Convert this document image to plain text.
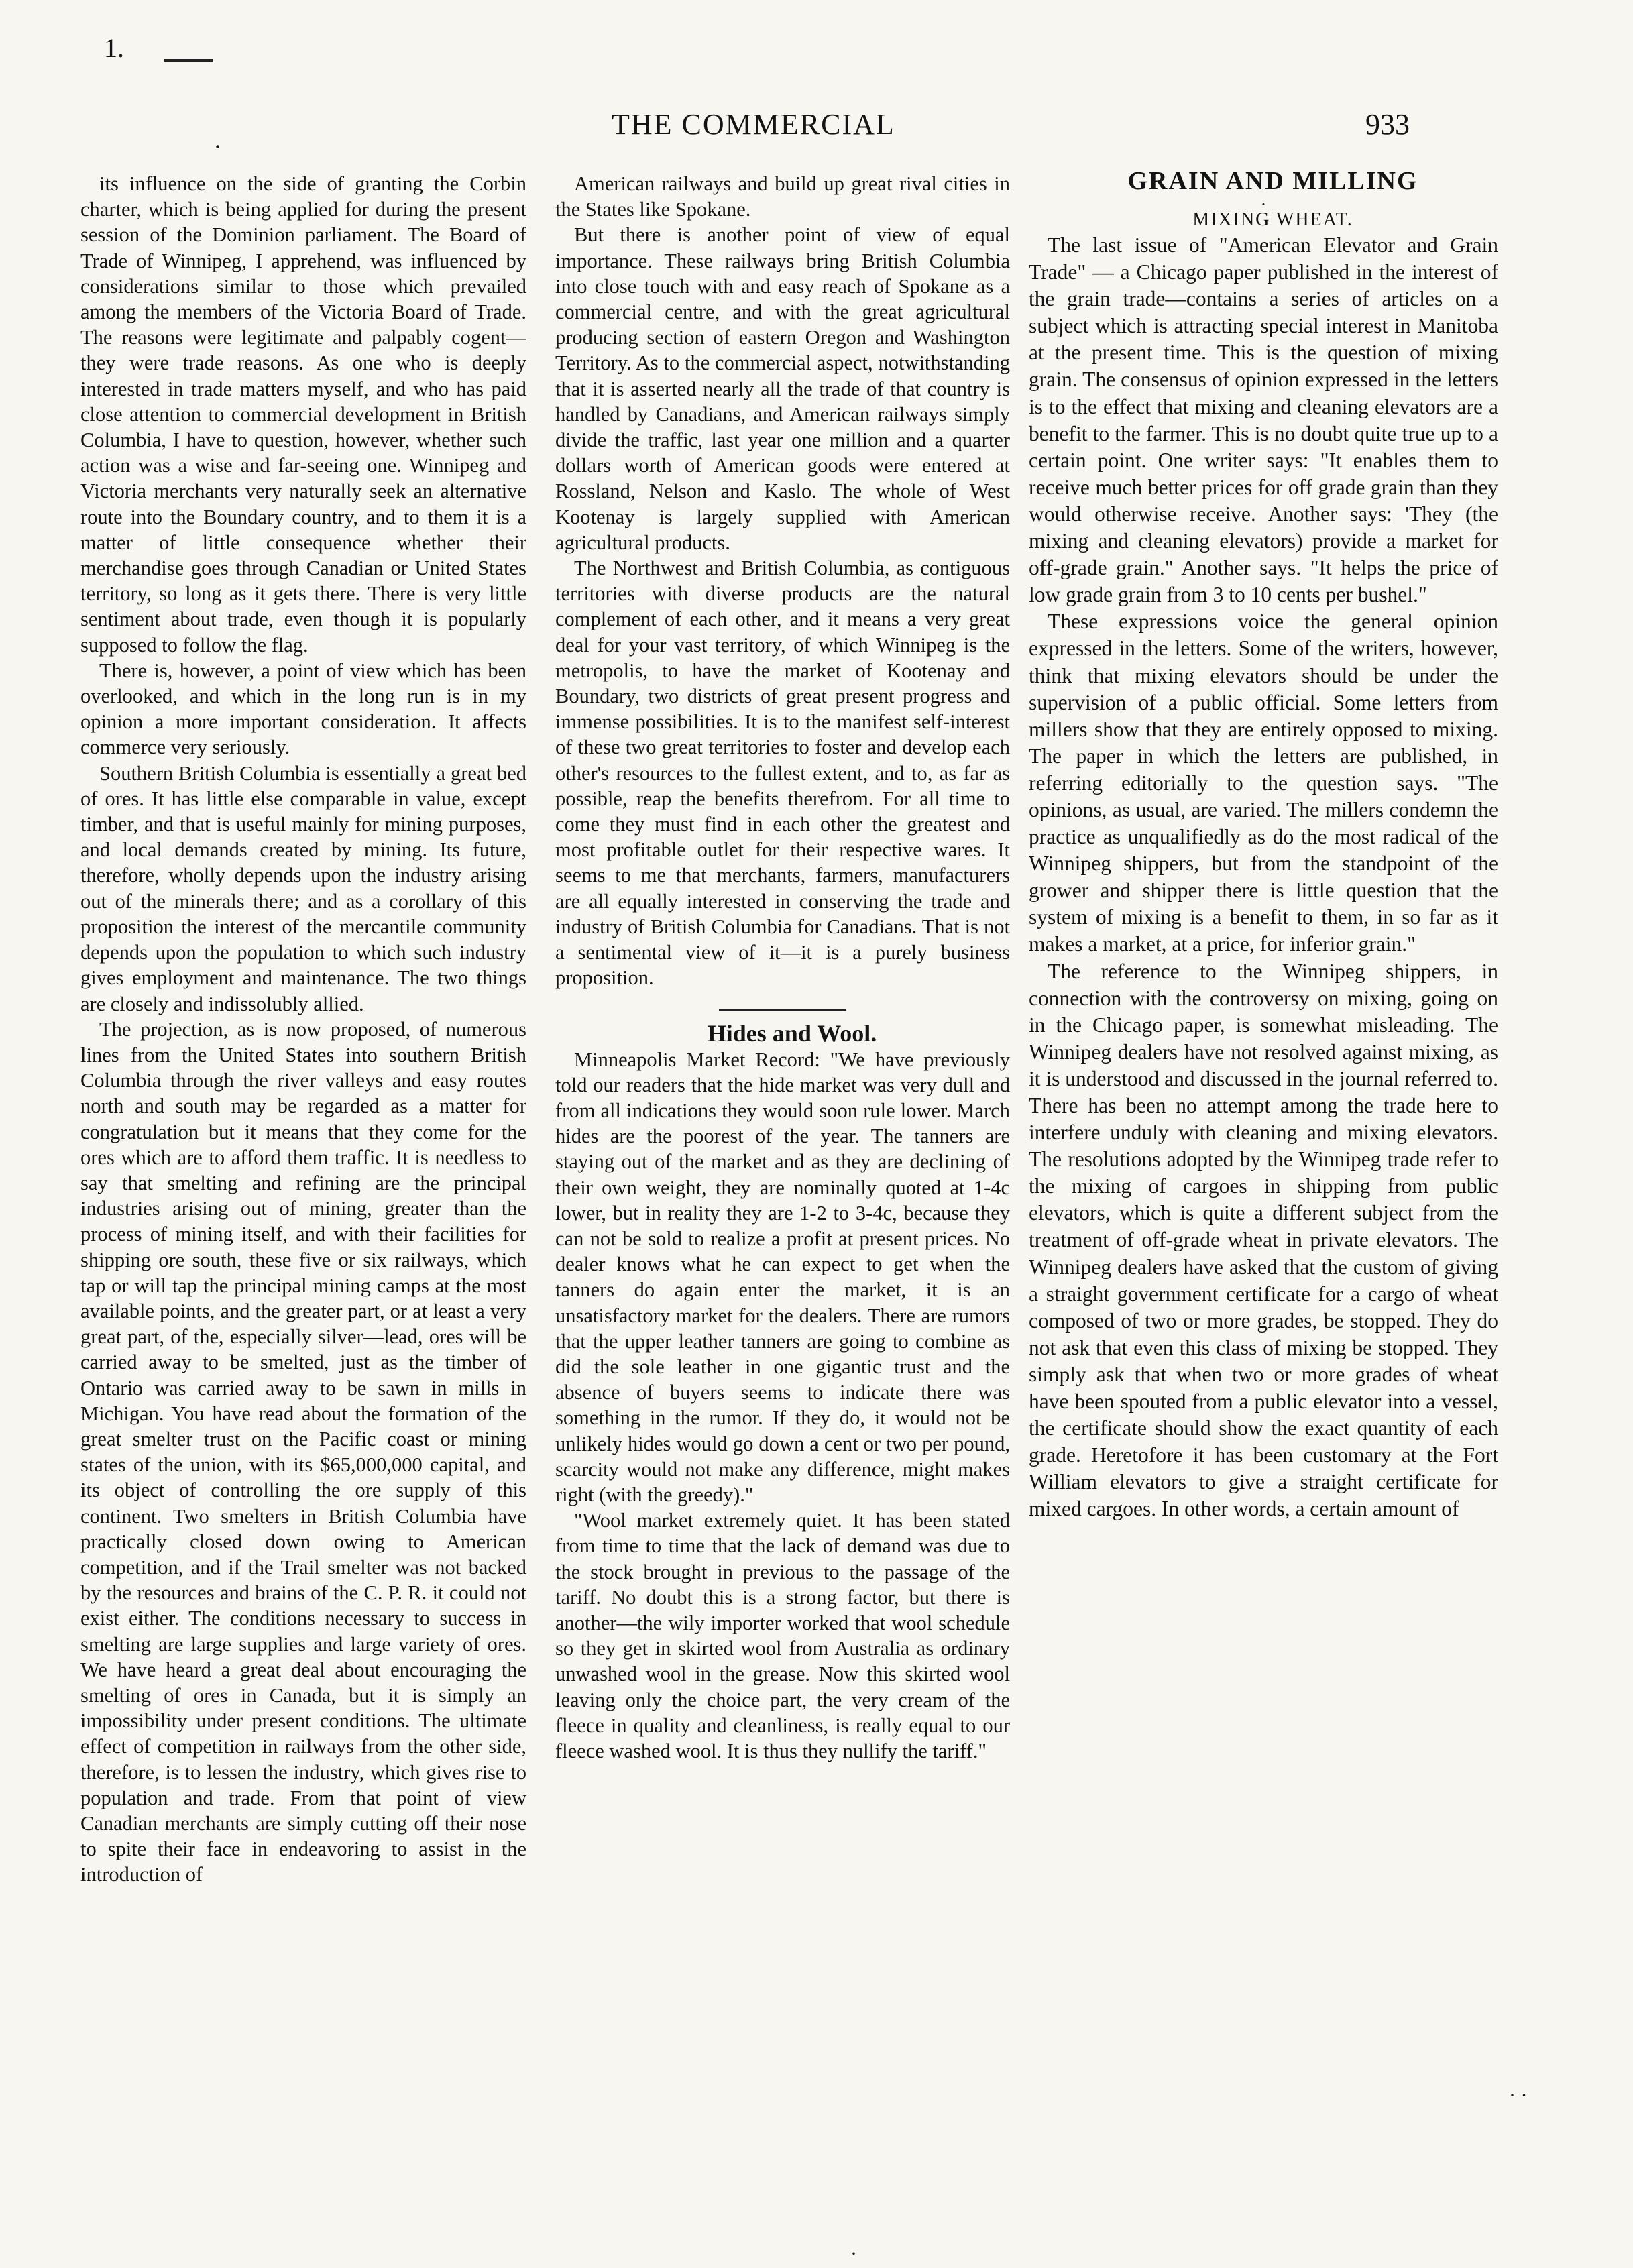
1.
·
THE COMMERCIAL	933

its influence on the side of granting the Corbin charter, which is being applied for during the present session of the Dominion parliament. The Board of Trade of Winnipeg, I apprehend, was influenced by considerations similar to those which prevailed among the members of the Victoria Board of Trade. The reasons were legitimate and palpably cogent—they were trade reasons. As one who is deeply interested in trade matters myself, and who has paid close attention to commercial development in British Columbia, I have to question, however, whether such action was a wise and far-seeing one. Winnipeg and Victoria merchants very naturally seek an alternative route into the Boundary country, and to them it is a matter of little consequence whether their merchandise goes through Canadian or United States territory, so long as it gets there. There is very little sentiment about trade, even though it is popularly supposed to follow the flag.

There is, however, a point of view which has been overlooked, and which in the long run is in my opinion a more important consideration. It affects commerce very seriously.

Southern British Columbia is essentially a great bed of ores. It has little else comparable in value, except timber, and that is useful mainly for mining purposes, and local demands created by mining. Its future, therefore, wholly depends upon the industry arising out of the minerals there; and as a corollary of this proposition the interest of the mercantile community depends upon the population to which such industry gives employment and maintenance. The two things are closely and indissolubly allied.

The projection, as is now proposed, of numerous lines from the United States into southern British Columbia through the river valleys and easy routes north and south may be regarded as a matter for congratulation but it means that they come for the ores which are to afford them traffic. It is needless to say that smelting and refining are the principal industries arising out of mining, greater than the process of mining itself, and with their facilities for shipping ore south, these five or six railways, which tap or will tap the principal mining camps at the most available points, and the greater part, or at least a very great part, of the, especially silver—lead, ores will be carried away to be smelted, just as the timber of Ontario was carried away to be sawn in mills in Michigan. You have read about the formation of the great smelter trust on the Pacific coast or mining states of the union, with its $65,000,000 capital, and its object of controlling the ore supply of this continent. Two smelters in British Columbia have practically closed down owing to American competition, and if the Trail smelter was not backed by the resources and brains of the C. P. R. it could not exist either. The conditions necessary to success in smelting are large supplies and large variety of ores. We have heard a great deal about encouraging the smelting of ores in Canada, but it is simply an impossibility under present conditions. The ultimate effect of competition in railways from the other side, therefore, is to lessen the industry, which gives rise to population and trade. From that point of view Canadian merchants are simply cutting off their nose to spite their face in endeavoring to assist in the introduction of

American railways and build up great rival cities in the States like Spokane.

But there is another point of view of equal importance. These railways bring British Columbia into close touch with and easy reach of Spokane as a commercial centre, and with the great agricultural producing section of eastern Oregon and Washington Territory. As to the commercial aspect, notwithstanding that it is asserted nearly all the trade of that country is handled by Canadians, and American railways simply divide the traffic, last year one million and a quarter dollars worth of American goods were entered at Rossland, Nelson and Kaslo. The whole of West Kootenay is largely supplied with American agricultural products.

The Northwest and British Columbia, as contiguous territories with diverse products are the natural complement of each other, and it means a very great deal for your vast territory, of which Winnipeg is the metropolis, to have the market of Kootenay and Boundary, two districts of great present progress and immense possibilities. It is to the manifest self-interest of these two great territories to foster and develop each other's resources to the fullest extent, and to, as far as possible, reap the benefits therefrom. For all time to come they must find in each other the greatest and most profitable outlet for their respective wares. It seems to me that merchants, farmers, manufacturers are all equally interested in conserving the trade and industry of British Columbia for Canadians. That is not a sentimental view of it—it is a purely business proposition.

Hides and Wool.

Minneapolis Market Record: "We have previously told our readers that the hide market was very dull and from all indications they would soon rule lower. March hides are the poorest of the year. The tanners are staying out of the market and as they are declining of their own weight, they are nominally quoted at 1-4c lower, but in reality they are 1-2 to 3-4c, because they can not be sold to realize a profit at present prices. No dealer knows what he can expect to get when the tanners do again enter the market, it is an unsatisfactory market for the dealers. There are rumors that the upper leather tanners are going to combine as did the sole leather in one gigantic trust and the absence of buyers seems to indicate there was something in the rumor. If they do, it would not be unlikely hides would go down a cent or two per pound, scarcity would not make any difference, might makes right (with the greedy)."

"Wool market extremely quiet. It has been stated from time to time that the lack of demand was due to the stock brought in previous to the passage of the tariff. No doubt this is a strong factor, but there is another—the wily importer worked that wool schedule so they get in skirted wool from Australia as ordinary unwashed wool in the grease. Now this skirted wool leaving only the choice part, the very cream of the fleece in quality and cleanliness, is really equal to our fleece washed wool. It is thus they nullify the tariff."

GRAIN AND MILLING

·

MIXING WHEAT.

The last issue of "American Elevator and Grain Trade" — a Chicago paper published in the interest of the grain trade—contains a series of articles on a subject which is attracting special interest in Manitoba at the present time. This is the question of mixing grain. The consensus of opinion expressed in the letters is to the effect that mixing and cleaning elevators are a benefit to the farmer. This is no doubt quite true up to a certain point. One writer says: "It enables them to receive much better prices for off grade grain than they would otherwise receive. Another says: 'They (the mixing and cleaning elevators) provide a market for off-grade grain." Another says. "It helps the price of low grade grain from 3 to 10 cents per bushel."

These expressions voice the general opinion expressed in the letters. Some of the writers, however, think that mixing elevators should be under the supervision of a public official. Some letters from millers show that they are entirely opposed to mixing. The paper in which the letters are published, in referring editorially to the question says. "The opinions, as usual, are varied. The millers condemn the practice as unqualifiedly as do the most radical of the Winnipeg shippers, but from the standpoint of the grower and shipper there is little question that the system of mixing is a benefit to them, in so far as it makes a market, at a price, for inferior grain."

The reference to the Winnipeg shippers, in connection with the controversy on mixing, going on in the Chicago paper, is somewhat misleading. The Winnipeg dealers have not resolved against mixing, as it is understood and discussed in the journal referred to. There has been no attempt among the trade here to interfere unduly with cleaning and mixing elevators. The resolutions adopted by the Winnipeg trade refer to the mixing of cargoes in shipping from public elevators, which is quite a different subject from the treatment of off-grade wheat in private elevators. The Winnipeg dealers have asked that the custom of giving a straight government certificate for a cargo of wheat composed of two or more grades, be stopped. They do not ask that even this class of mixing be stopped. They simply ask that when two or more grades of wheat have been spouted from a public elevator into a vessel, the certificate should show the exact quantity of each grade. Heretofore it has been customary at the Fort William elevators to give a straight certificate for mixed cargoes. In other words, a certain amount of

· ·
·
